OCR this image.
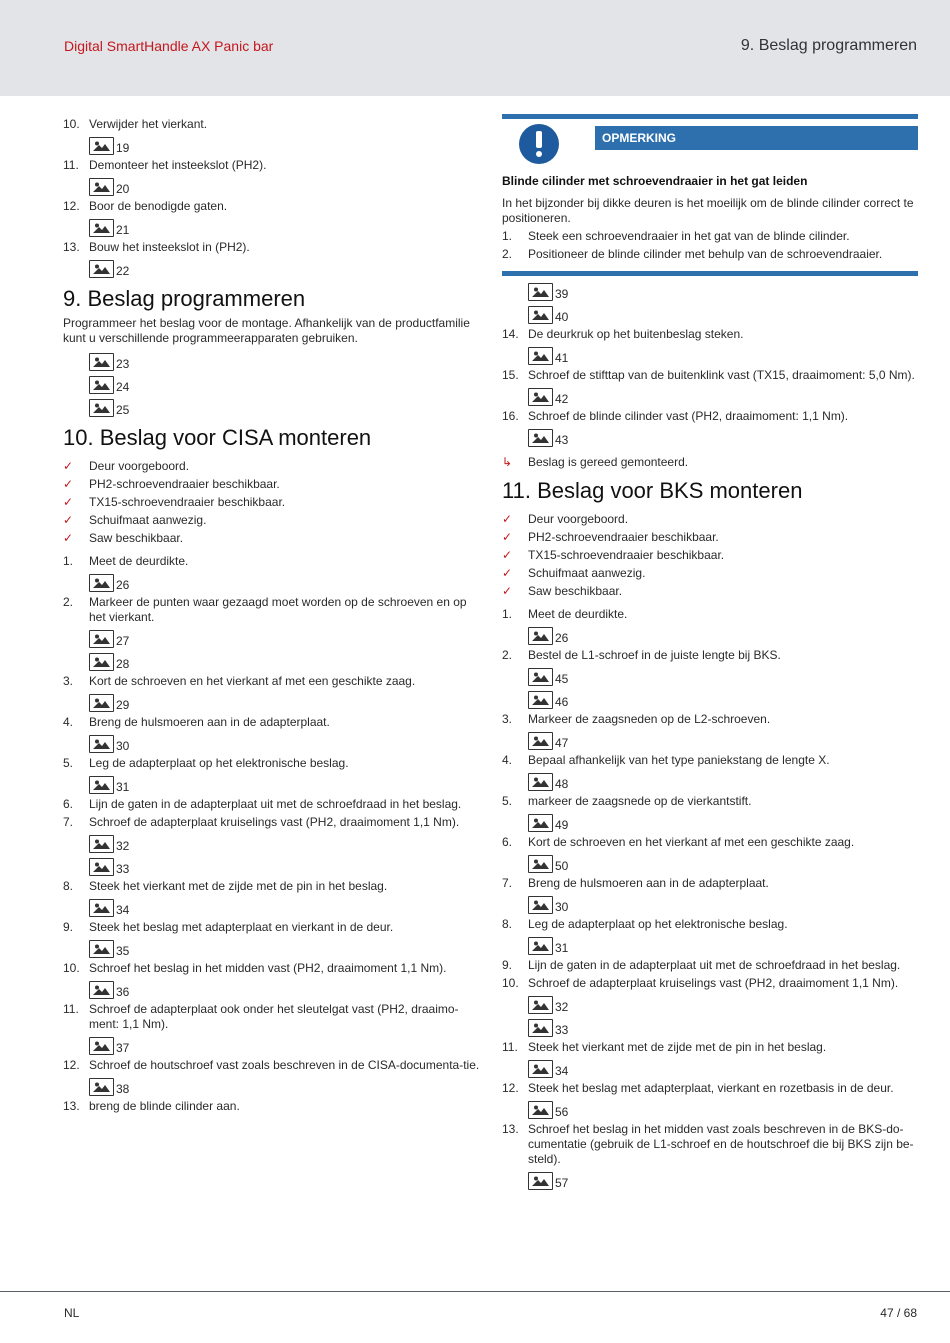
Digital SmartHandle AX Panic bar	9. Beslag programmeren
10. Verwijder het vierkant.
19
11. Demonteer het insteekslot (PH2).
20
12. Boor de benodigde gaten.
21
13. Bouw het insteekslot in (PH2).
22
9. Beslag programmeren
Programmeer het beslag voor de montage. Afhankelijk van de productfamilie kunt u verschillende programmeerapparaten gebruiken.
23
24
25
10. Beslag voor CISA monteren
✓	Deur voorgeboord.
✓	PH2-schroevendraaier beschikbaar.
✓	TX15-schroevendraaier beschikbaar.
✓	Schuifmaat aanwezig.
✓	Saw beschikbaar.
1.	Meet de deurdikte.
26
2.	Markeer de punten waar gezaagd moet worden op de schroeven en op het vierkant.
27
28
3.	Kort de schroeven en het vierkant af met een geschikte zaag.
29
4.	Breng de hulsmoeren aan in de adapterplaat.
30
5.	Leg de adapterplaat op het elektronische beslag.
31
6.	Lijn de gaten in de adapterplaat uit met de schroefdraad in het beslag.
7.	Schroef de adapterplaat kruiselings vast (PH2, draaimoment 1,1 Nm).
32
33
8.	Steek het vierkant met de zijde met de pin in het beslag.
34
9.	Steek het beslag met adapterplaat en vierkant in de deur.
35
10. Schroef het beslag in het midden vast (PH2, draaimoment 1,1 Nm).
36
11. Schroef de adapterplaat ook onder het sleutelgat vast (PH2, draaimo-ment: 1,1 Nm).
37
12. Schroef de houtschroef vast zoals beschreven in de CISA-documenta-tie.
38
13. breng de blinde cilinder aan.
OPMERKING
Blinde cilinder met schroevendraaier in het gat leiden
In het bijzonder bij dikke deuren is het moeilijk om de blinde cilinder correct te positioneren.
1.	Steek een schroevendraaier in het gat van de blinde cilinder.
2.	Positioneer de blinde cilinder met behulp van de schroevendraaier.
39
40
14. De deurkruk op het buitenbeslag steken.
41
15. Schroef de stifttap van de buitenklink vast (TX15, draaimoment: 5,0 Nm).
42
16. Schroef de blinde cilinder vast (PH2, draaimoment: 1,1 Nm).
43
↳	Beslag is gereed gemonteerd.
11. Beslag voor BKS monteren
✓	Deur voorgeboord.
✓	PH2-schroevendraaier beschikbaar.
✓	TX15-schroevendraaier beschikbaar.
✓	Schuifmaat aanwezig.
✓	Saw beschikbaar.
1.	Meet de deurdikte.
26
2.	Bestel de L1-schroef in de juiste lengte bij BKS.
45
46
3.	Markeer de zaagsneden op de L2-schroeven.
47
4.	Bepaal afhankelijk van het type paniekstang de lengte X.
48
5.	markeer de zaagsnede op de vierkantstift.
49
6.	Kort de schroeven en het vierkant af met een geschikte zaag.
50
7.	Breng de hulsmoeren aan in de adapterplaat.
30
8.	Leg de adapterplaat op het elektronische beslag.
31
9.	Lijn de gaten in de adapterplaat uit met de schroefdraad in het beslag.
10. Schroef de adapterplaat kruiselings vast (PH2, draaimoment 1,1 Nm).
32
33
11. Steek het vierkant met de zijde met de pin in het beslag.
34
12. Steek het beslag met adapterplaat, vierkant en rozetbasis in de deur.
56
13. Schroef het beslag in het midden vast zoals beschreven in de BKS-do-cumentatie (gebruik de L1-schroef en de houtschroef die bij BKS zijn be-steld).
57
NL	47 / 68
